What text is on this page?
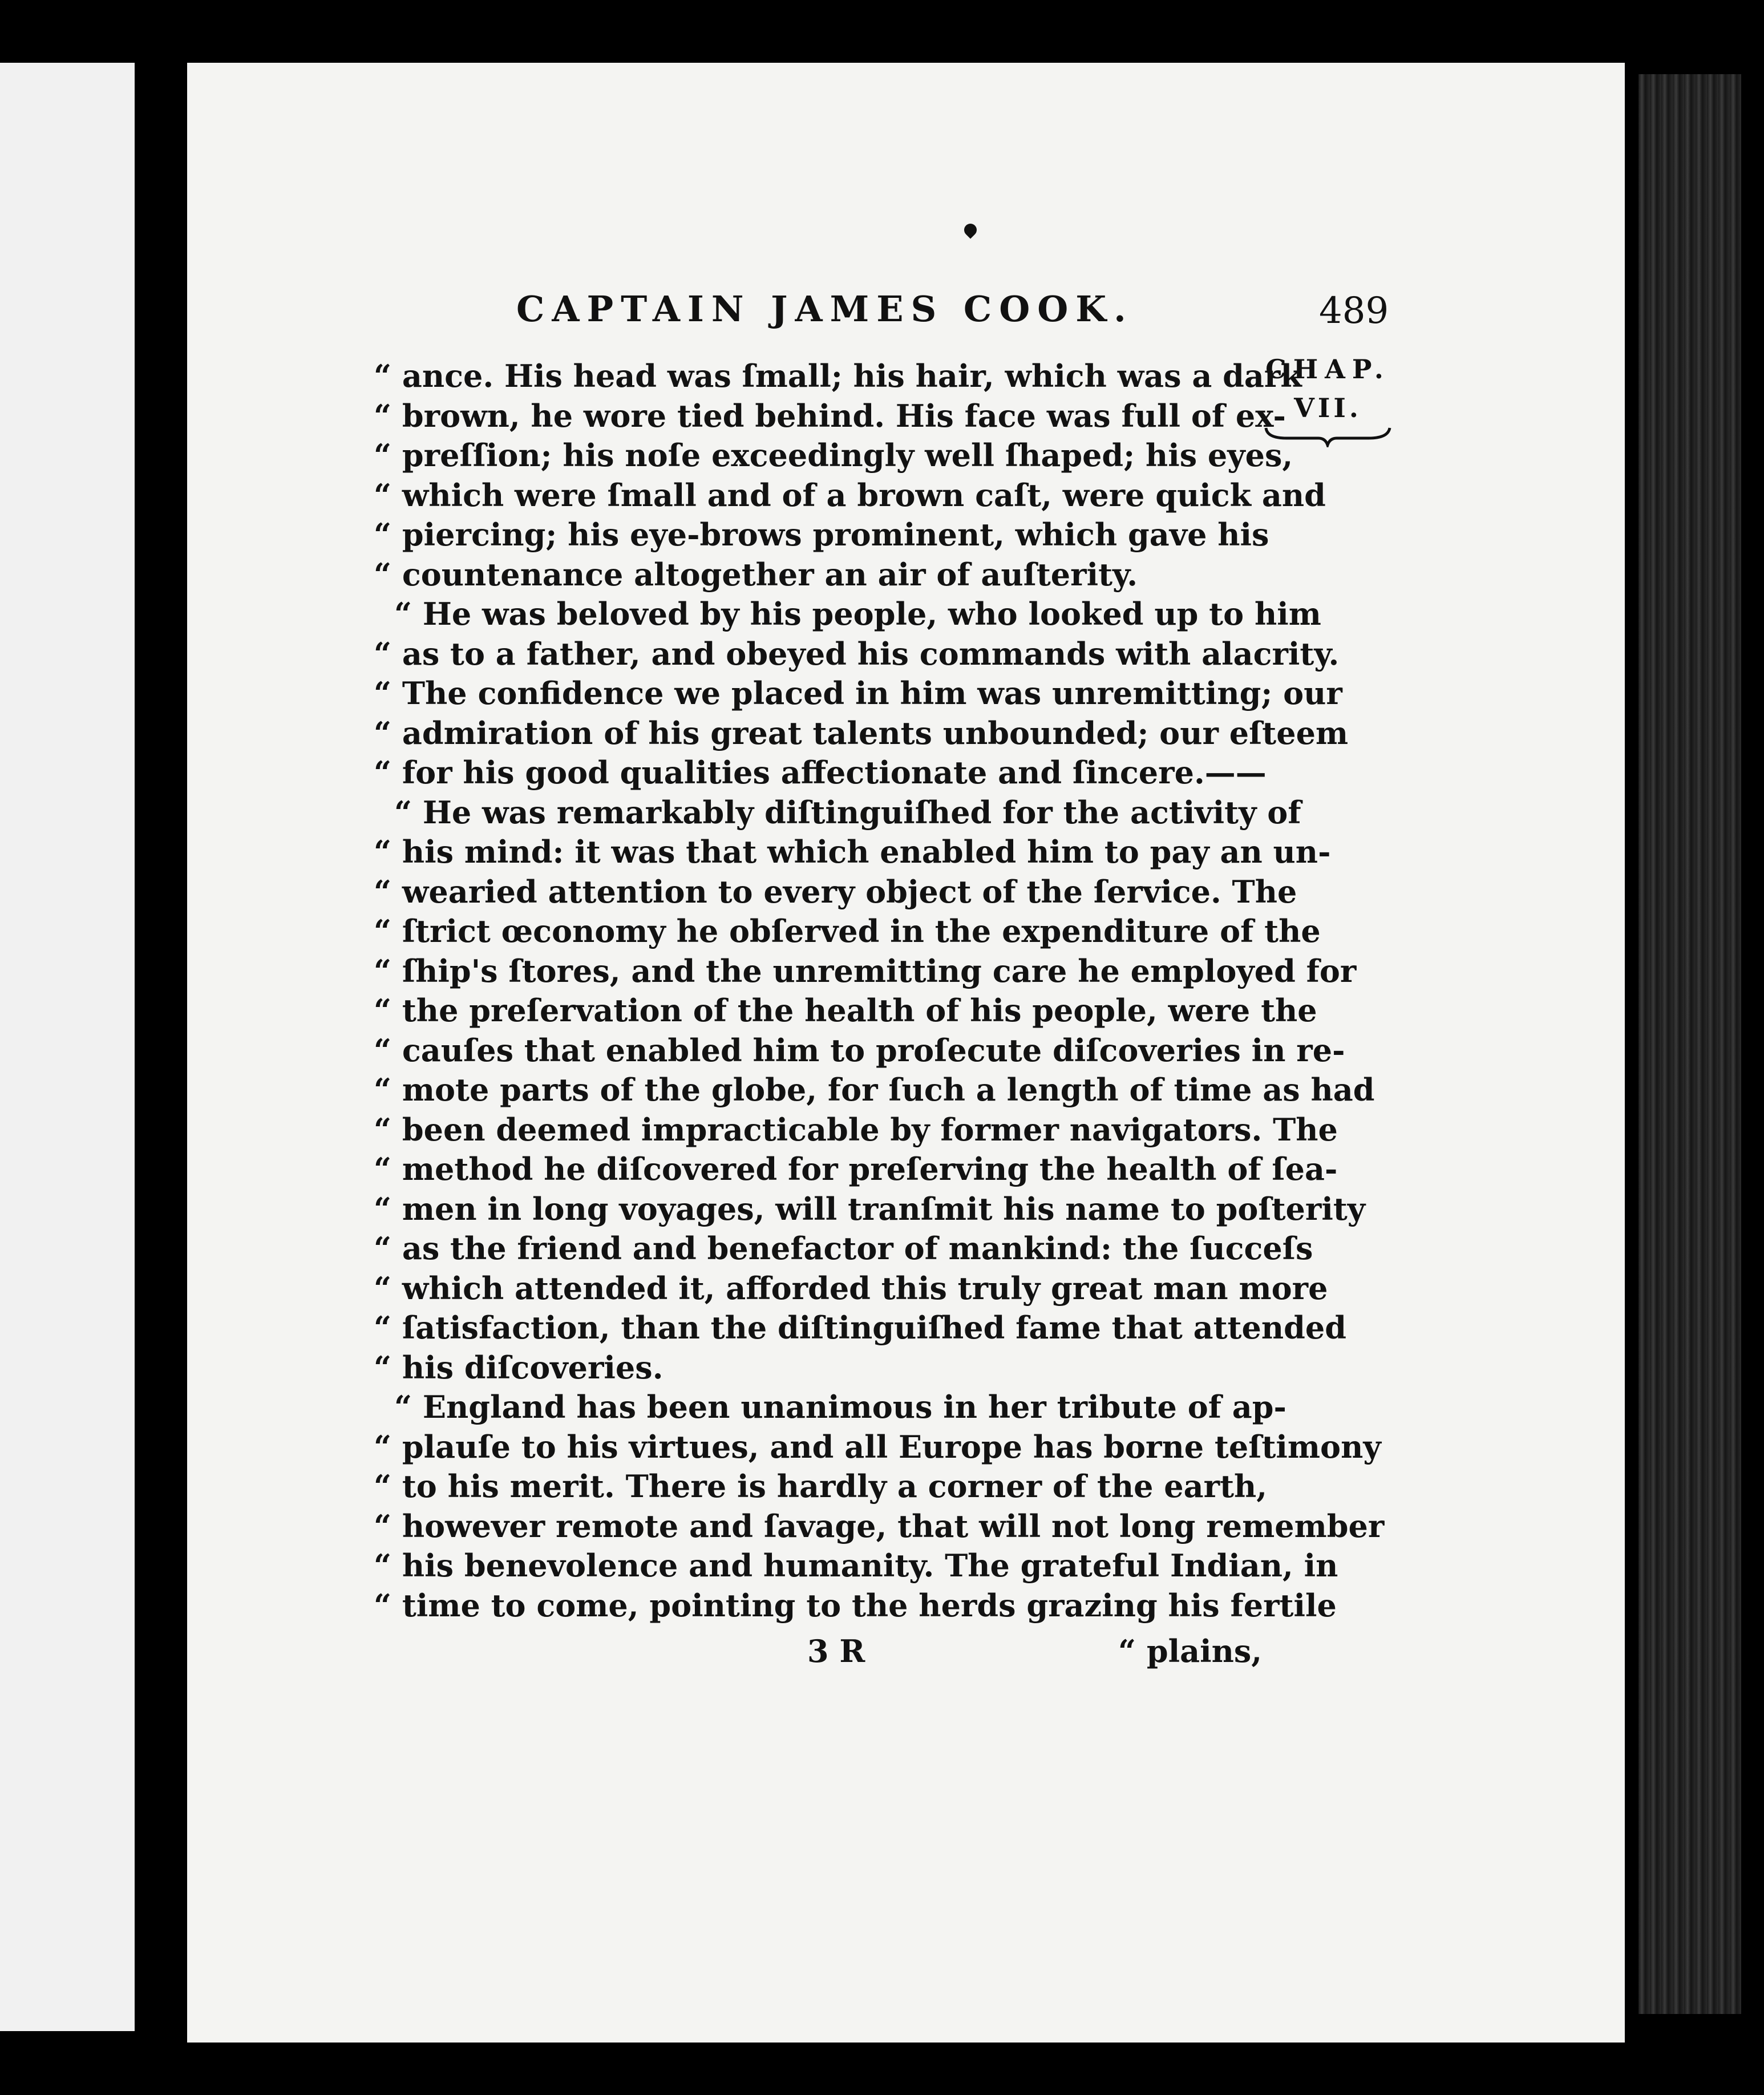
CAPTAIN JAMES COOK.	489
CHAP.
VII.
“ ance. His head was ſmall; his hair, which was a dark
“ brown, he wore tied behind. His face was full of ex-
“ preſſion; his noſe exceedingly well ſhaped; his eyes,
“ which were ſmall and of a brown caſt, were quick and
“ piercing; his eye-brows prominent, which gave his
“ countenance altogether an air of auſterity.
“ He was beloved by his people, who looked up to him
“ as to a father, and obeyed his commands with alacrity.
“ The confidence we placed in him was unremitting; our
“ admiration of his great talents unbounded; our eſteem
“ for his good qualities affectionate and ſincere.——
“ He was remarkably diſtinguiſhed for the activity of
“ his mind: it was that which enabled him to pay an un-
“ wearied attention to every object of the ſervice. The
“ ſtrict œconomy he obſerved in the expenditure of the
“ ſhip's ſtores, and the unremitting care he employed for
“ the preſervation of the health of his people, were the
“ cauſes that enabled him to proſecute diſcoveries in re-
“ mote parts of the globe, for ſuch a length of time as had
“ been deemed impracticable by former navigators. The
“ method he diſcovered for preſerving the health of ſea-
“ men in long voyages, will tranſmit his name to poſterity
“ as the friend and benefactor of mankind: the ſucceſs
“ which attended it, afforded this truly great man more
“ ſatisfaction, than the diſtinguiſhed fame that attended
“ his diſcoveries.
“ England has been unanimous in her tribute of ap-
“ plauſe to his virtues, and all Europe has borne teſtimony
“ to his merit. There is hardly a corner of the earth,
“ however remote and ſavage, that will not long remember
“ his benevolence and humanity. The grateful Indian, in
“ time to come, pointing to the herds grazing his fertile
3 R	“ plains,
